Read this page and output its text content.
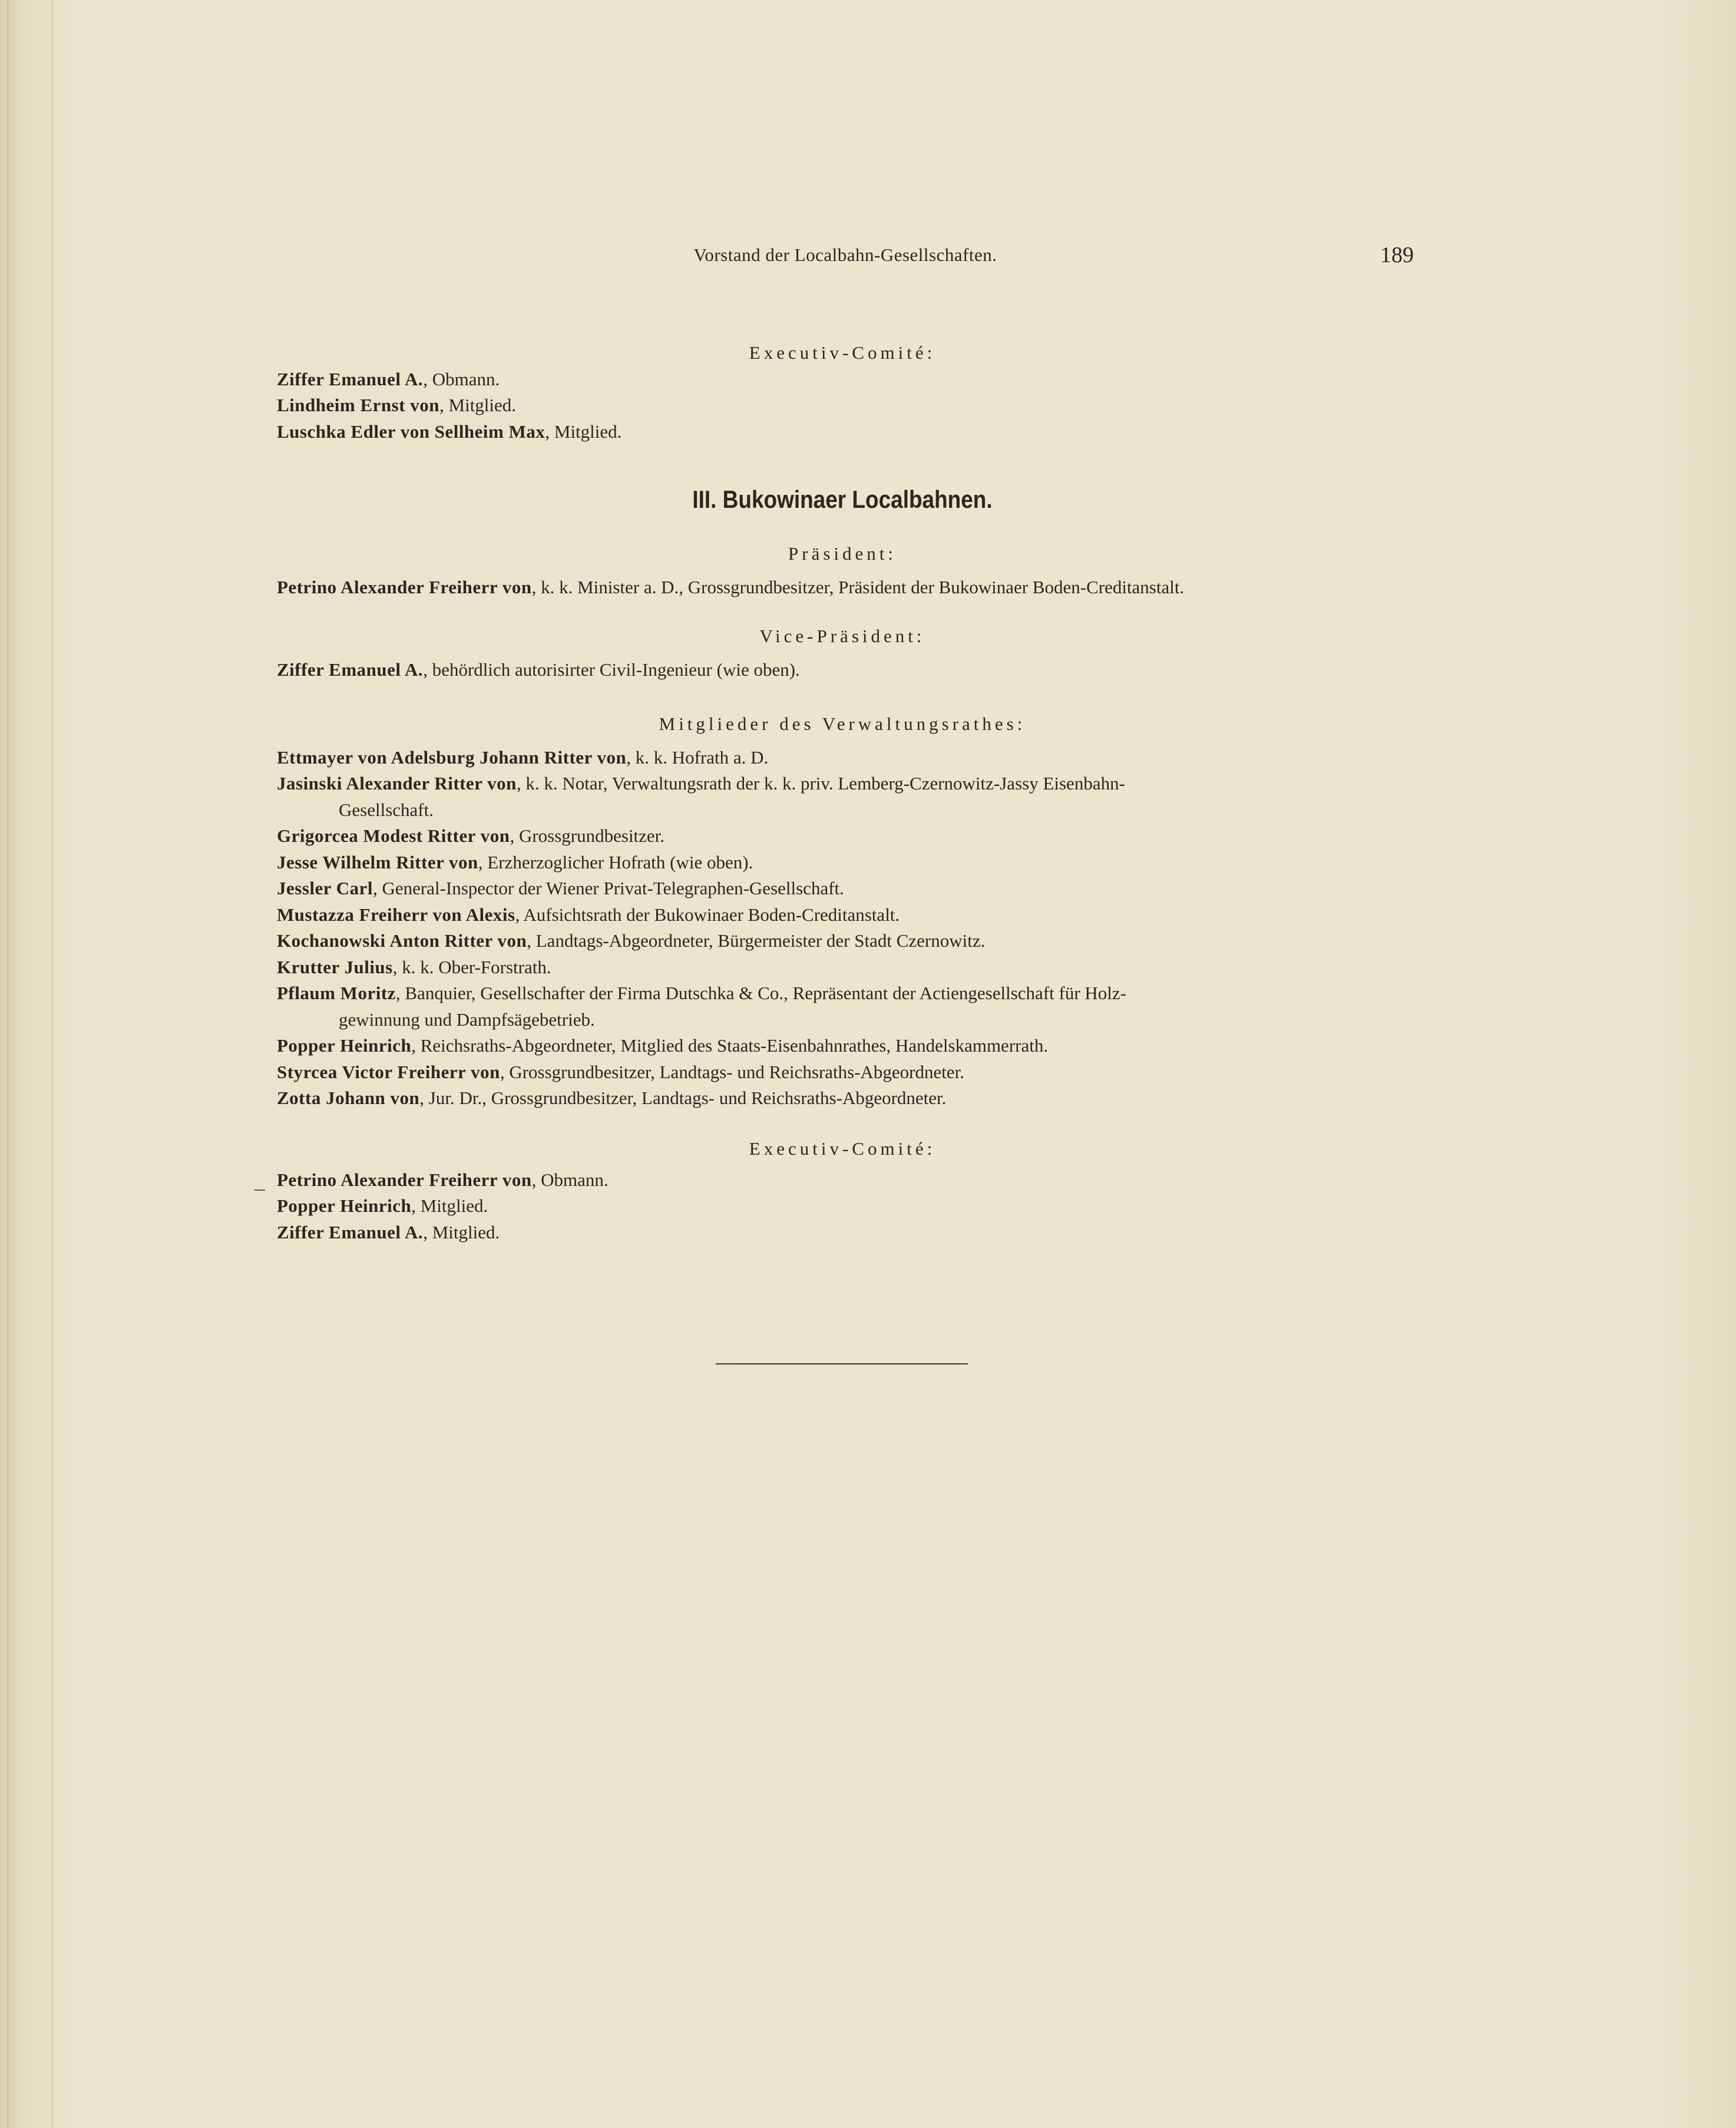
Vorstand der Localbahn-Gesellschaften.	189
Executiv-Comité:

Ziffer Emanuel A., Obmann.

Lindheim Ernst von, Mitglied.

Luschka Edler von Sellheim Max, Mitglied.

III. Bukowinaer Localbahnen.
Präsident:

Petrino Alexander Freiherr von, k. k. Minister a. D., Grossgrundbesitzer, Präsident der Bukowinaer Boden-Creditanstalt.

Vice-Präsident:

Ziffer Emanuel A., behördlich autorisirter Civil-Ingenieur (wie oben).

Mitglieder des Verwaltungsrathes:

Ettmayer von Adelsburg Johann Ritter von, k. k. Hofrath a. D.

Jasinski Alexander Ritter von, k. k. Notar, Verwaltungsrath der k. k. priv. Lemberg-Czernowitz-Jassy Eisenbahn-

Gesellschaft.

Grigorcea Modest Ritter von, Grossgrundbesitzer.

Jesse Wilhelm Ritter von, Erzherzoglicher Hofrath (wie oben).

Jessler Carl, General-Inspector der Wiener Privat-Telegraphen-Gesellschaft.

Mustazza Freiherr von Alexis, Aufsichtsrath der Bukowinaer Boden-Creditanstalt.

Kochanowski Anton Ritter von, Landtags-Abgeordneter, Bürgermeister der Stadt Czernowitz.

Krutter Julius, k. k. Ober-Forstrath.

Pflaum Moritz, Banquier, Gesellschafter der Firma Dutschka & Co., Repräsentant der Actiengesellschaft für Holz-

gewinnung und Dampfsägebetrieb.

Popper Heinrich, Reichsraths-Abgeordneter, Mitglied des Staats-Eisenbahnrathes, Handelskammerrath.

Styrcea Victor Freiherr von, Grossgrundbesitzer, Landtags- und Reichsraths-Abgeordneter.

Zotta Johann von, Jur. Dr., Grossgrundbesitzer, Landtags- und Reichsraths-Abgeordneter.

Executiv-Comité:

Petrino Alexander Freiherr von, Obmann.

Popper Heinrich, Mitglied.

Ziffer Emanuel A., Mitglied.
